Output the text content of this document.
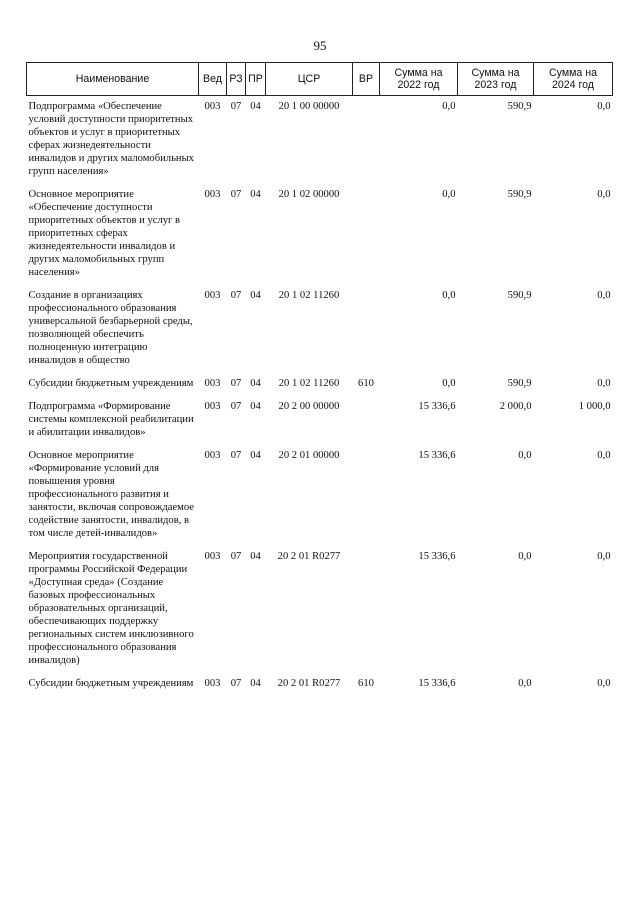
95
Наименование	Вед	РЗ	ПР	ЦСР	ВР	Сумма на 2022 год	Сумма на 2023 год	Сумма на 2024 год
Подпрограмма «Обеспечение условий доступности приоритетных объектов и услуг в приоритетных сферах жизнедеятельности инвалидов и других маломобильных групп населения»	003	07	04	20 1 00 00000		0,0	590,9	0,0
Основное мероприятие «Обеспечение доступности приоритетных объектов и услуг в приоритетных сферах жизнедеятельности инвалидов и других маломобильных групп населения»	003	07	04	20 1 02 00000		0,0	590,9	0,0
Создание в организациях профессионального образования универсальной безбарьерной среды, позволяющей обеспечить полноценную интеграцию инвалидов в общество	003	07	04	20 1 02 11260		0,0	590,9	0,0
Субсидии бюджетным учреждениям	003	07	04	20 1 02 11260	610	0,0	590,9	0,0
Подпрограмма «Формирование системы комплексной реабилитации и абилитации инвалидов»	003	07	04	20 2 00 00000		15 336,6	2 000,0	1 000,0
Основное мероприятие «Формирование условий для повышения уровня профессионального развития и занятости, включая сопровождаемое содействие занятости, инвалидов, в том числе детей-инвалидов»	003	07	04	20 2 01 00000		15 336,6	0,0	0,0
Мероприятия государственной программы Российской Федерации «Доступная среда» (Создание базовых профессиональных образовательных организаций, обеспечивающих поддержку региональных систем инклюзивного профессионального образования инвалидов)	003	07	04	20 2 01 R0277		15 336,6	0,0	0,0
Субсидии бюджетным учреждениям	003	07	04	20 2 01 R0277	610	15 336,6	0,0	0,0
